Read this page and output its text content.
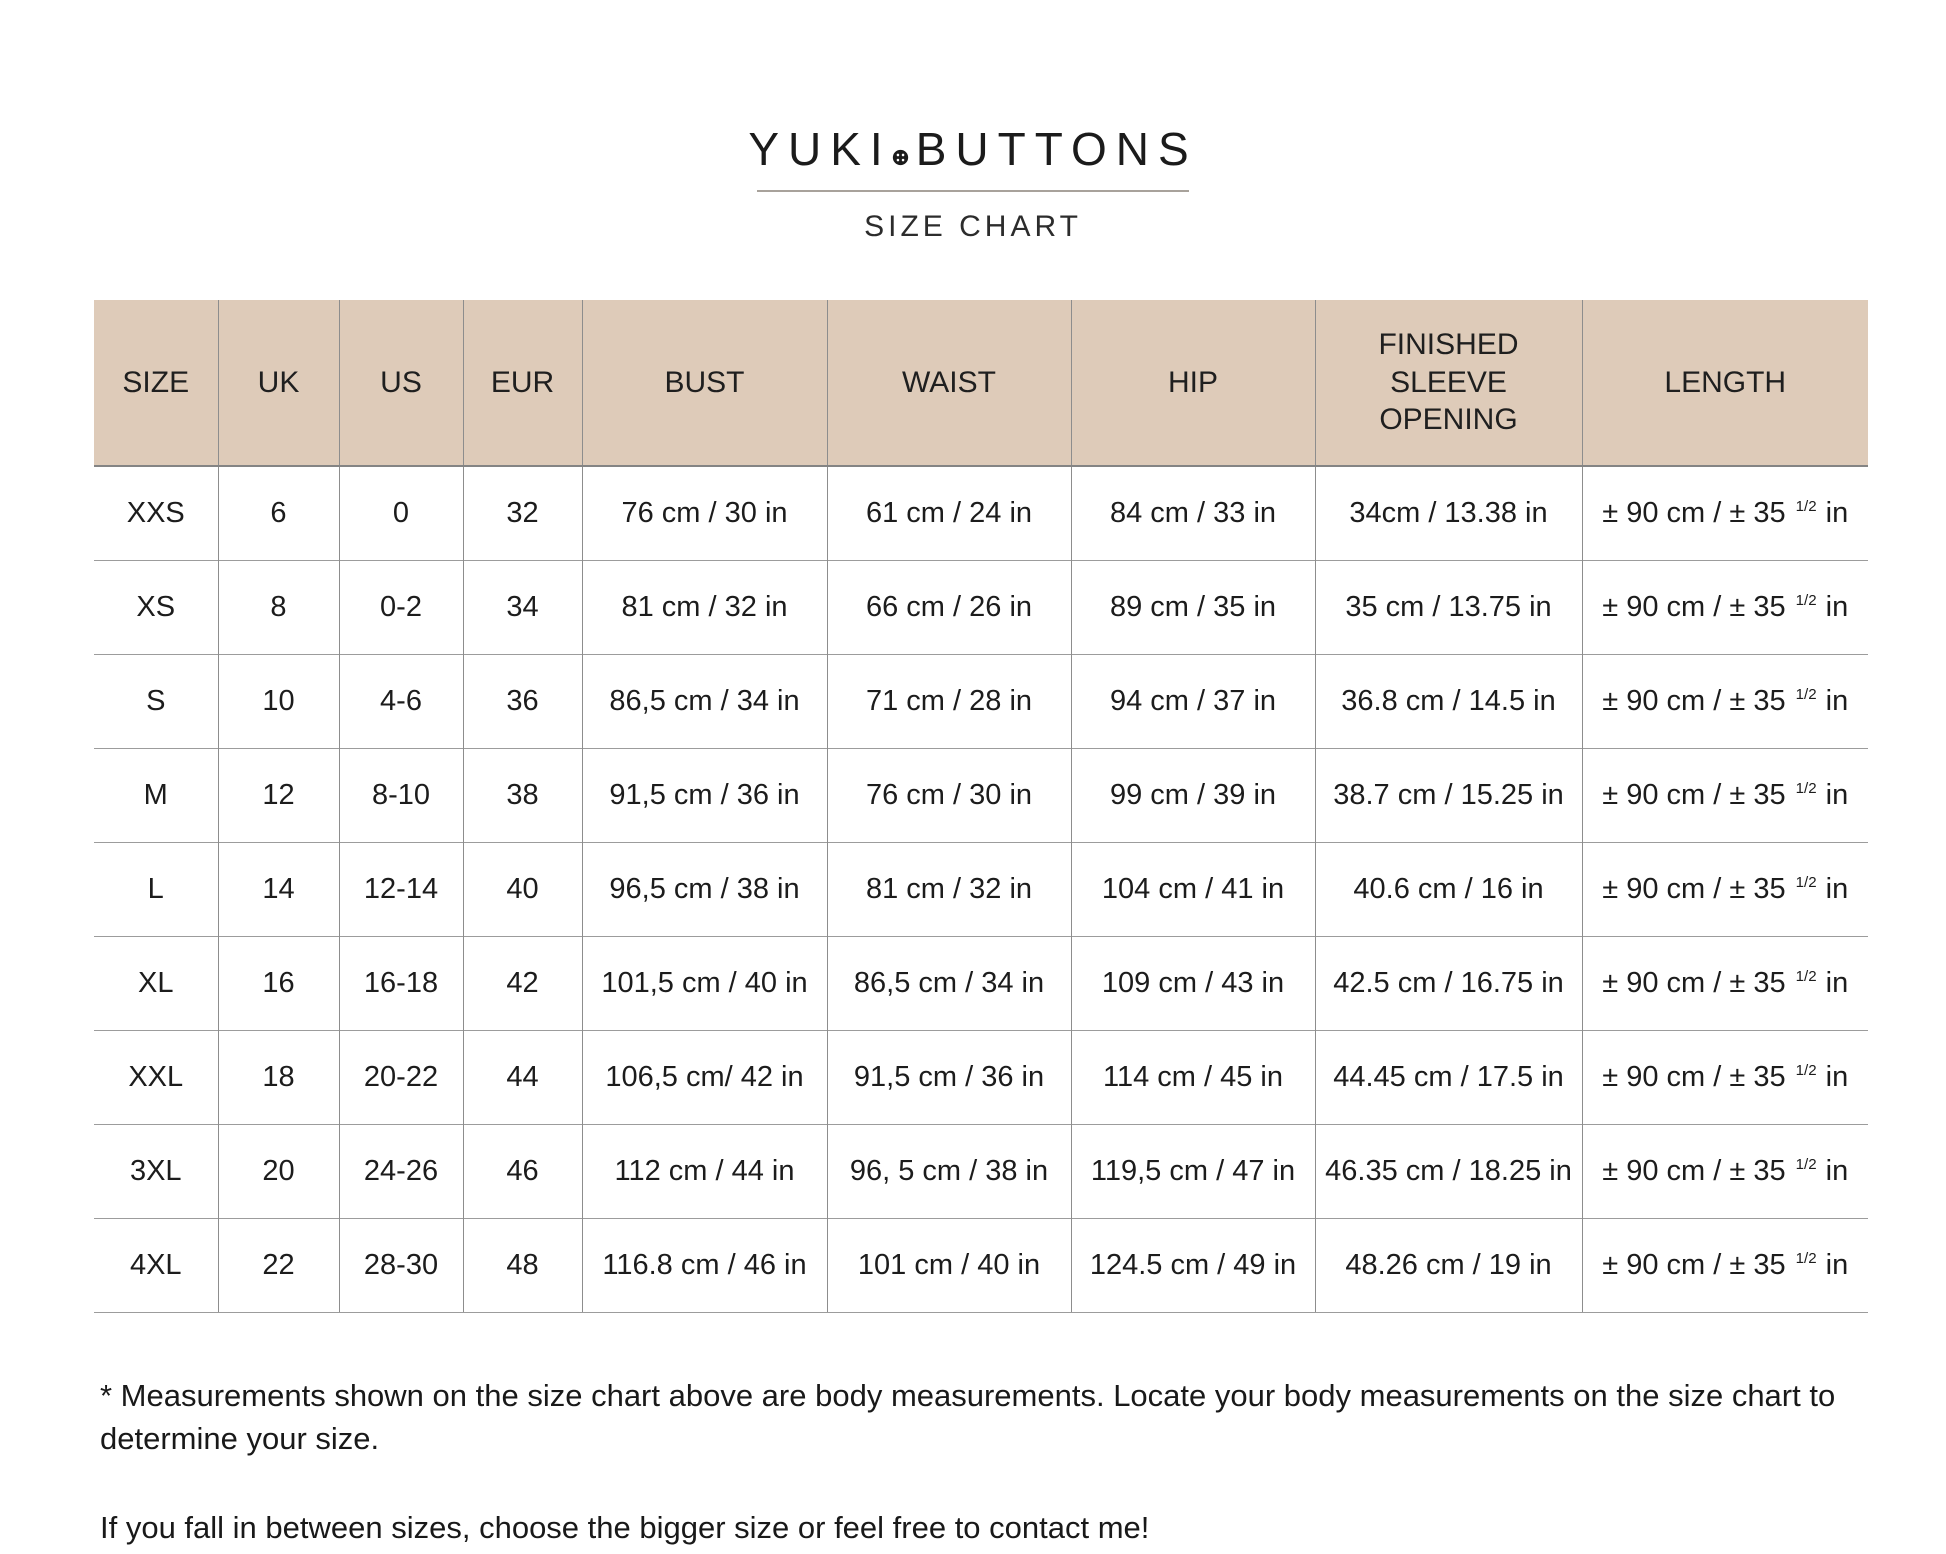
YUKI BUTTONS
SIZE CHART
SIZE	UK	US	EUR	BUST	WAIST	HIP	FINISHED SLEEVE OPENING	LENGTH
XXS	6	0	32	76 cm / 30 in	61 cm / 24 in	84 cm / 33 in	34cm / 13.38 in	± 90 cm / ± 35 $^{1/2}$ in
XS	8	0-2	34	81 cm / 32 in	66 cm / 26 in	89 cm / 35 in	35 cm / 13.75 in	± 90 cm / ± 35 $^{1/2}$ in
S	10	4-6	36	86,5 cm / 34 in	71 cm / 28 in	94 cm / 37 in	36.8 cm / 14.5 in	± 90 cm / ± 35 $^{1/2}$ in
M	12	8-10	38	91,5 cm / 36 in	76 cm / 30 in	99 cm / 39 in	38.7 cm / 15.25 in	± 90 cm / ± 35 $^{1/2}$ in
L	14	12-14	40	96,5 cm / 38 in	81 cm / 32 in	104 cm / 41 in	40.6 cm / 16 in	± 90 cm / ± 35 $^{1/2}$ in
XL	16	16-18	42	101,5 cm / 40 in	86,5 cm / 34 in	109 cm / 43 in	42.5 cm / 16.75 in	± 90 cm / ± 35 $^{1/2}$ in
XXL	18	20-22	44	106,5 cm/ 42 in	91,5 cm / 36 in	114 cm / 45 in	44.45 cm / 17.5 in	± 90 cm / ± 35 $^{1/2}$ in
3XL	20	24-26	46	112 cm / 44 in	96, 5 cm / 38 in	119,5 cm / 47 in	46.35 cm / 18.25 in	± 90 cm / ± 35 $^{1/2}$ in
4XL	22	28-30	48	116.8 cm / 46 in	101 cm / 40 in	124.5 cm / 49 in	48.26 cm / 19 in	± 90 cm / ± 35 $^{1/2}$ in

* Measurements shown on the size chart above are body measurements. Locate your body measurements on the size chart to determine your size.

If you fall in between sizes, choose the bigger size or feel free to contact me!
